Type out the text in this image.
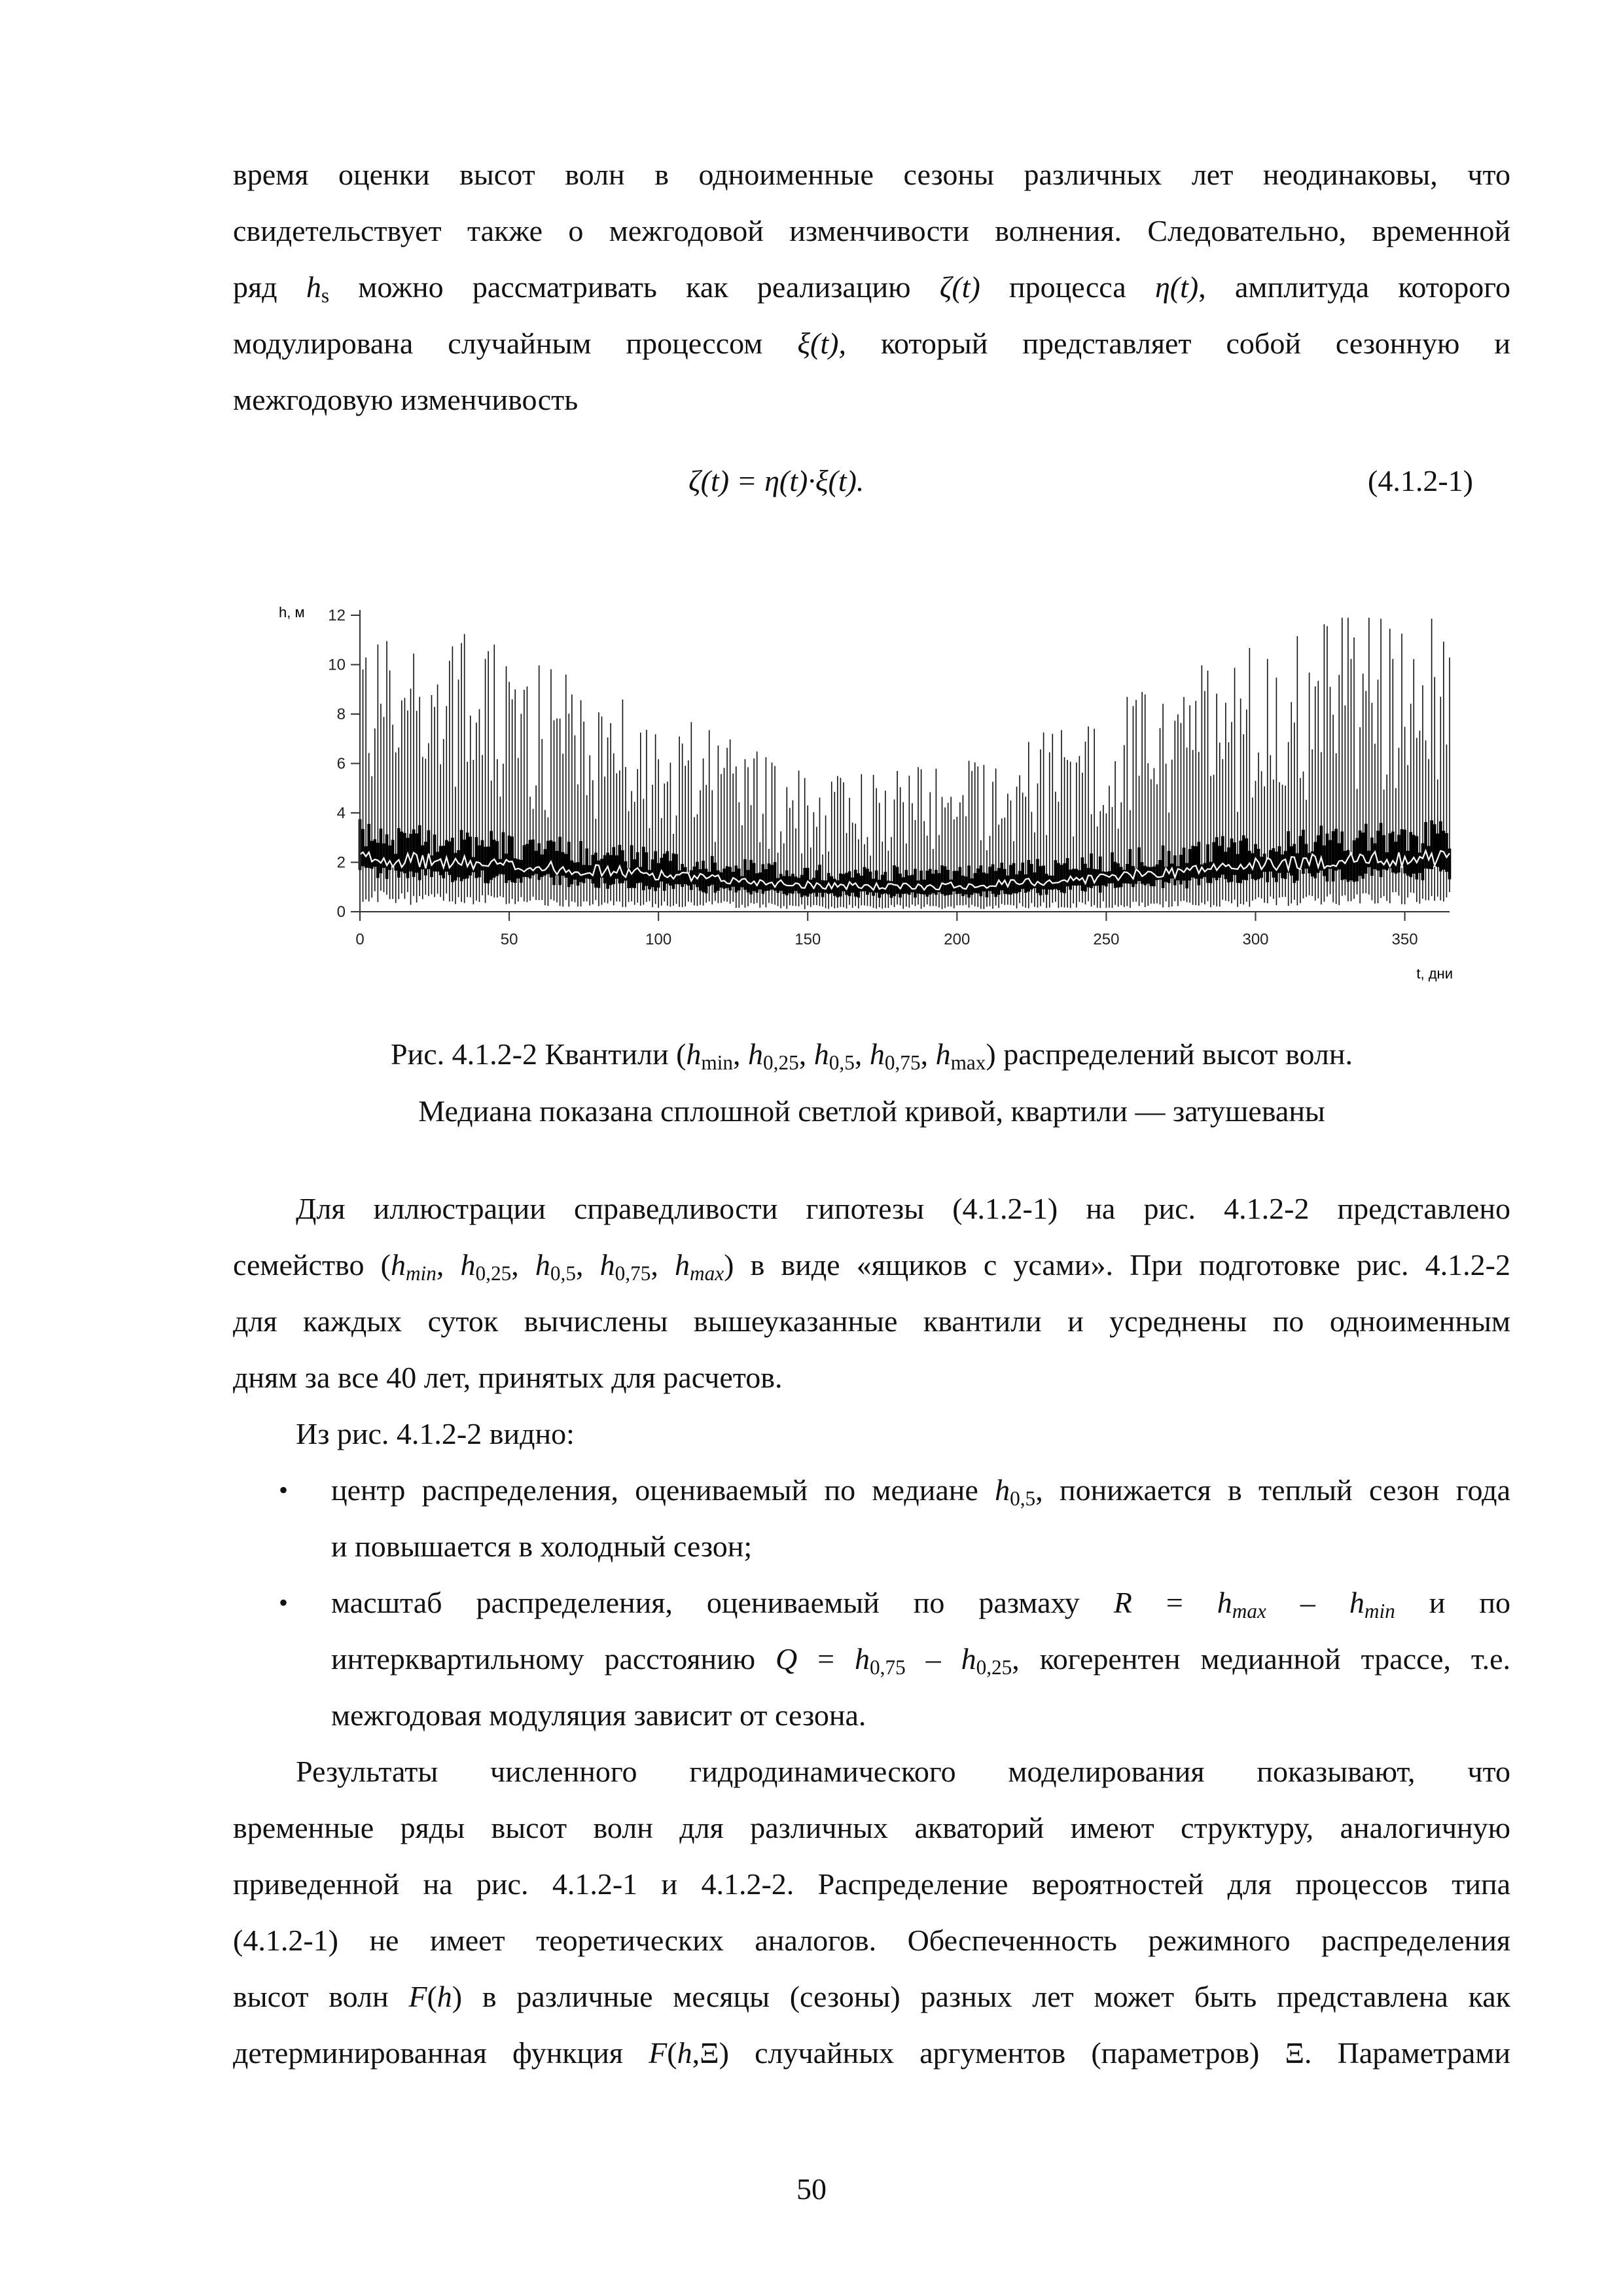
время оценки высот волн в одноименные сезоны различных лет неодинаковы, что
свидетельствует также о межгодовой изменчивости волнения. Следовательно, временной
ряд $h_s$ можно рассматривать как реализацию ζ(t) процесса η(t), амплитуда которого
модулирована случайным процессом ξ(t), который представляет собой сезонную и
межгодовую изменчивость
ζ(t) = η(t)·ξ(t).	(4.1.2-1)
0
2
4
6
8
10
12
0	50	100	150	200	250	300	350
h, м
t, дни
Рис. 4.1.2-2 Квантили ($h_{min}$, $h_{0,25}$, $h_{0,5}$, $h_{0,75}$, $h_{max}$) распределений высот волн.
Медиана показана сплошной светлой кривой, квартили — затушеваны
Для иллюстрации справедливости гипотезы (4.1.2-1) на рис. 4.1.2-2 представлено
семейство ($h_{min}$, $h_{0,25}$, $h_{0,5}$, $h_{0,75}$, $h_{max}$) в виде «ящиков с усами». При подготовке рис. 4.1.2-2
для каждых суток вычислены вышеуказанные квантили и усреднены по одноименным
дням за все 40 лет, принятых для расчетов.
Из рис. 4.1.2-2 видно:
•	центр распределения, оцениваемый по медиане $h_{0,5}$, понижается в теплый сезон года
и повышается в холодный сезон;
•	масштаб распределения, оцениваемый по размаху $R = h_{max} - h_{min}$ и по
интерквартильному расстоянию $Q = h_{0,75} - h_{0,25}$, когерентен медианной трассе, т.е.
межгодовая модуляция зависит от сезона.
Результаты численного гидродинамического моделирования показывают, что
временные ряды высот волн для различных акваторий имеют структуру, аналогичную
приведенной на рис. 4.1.2-1 и 4.1.2-2. Распределение вероятностей для процессов типа
(4.1.2-1) не имеет теоретических аналогов. Обеспеченность режимного распределения
высот волн F(h) в различные месяцы (сезоны) разных лет может быть представлена как
детерминированная функция F(h,Ξ) случайных аргументов (параметров) Ξ. Параметрами
50
